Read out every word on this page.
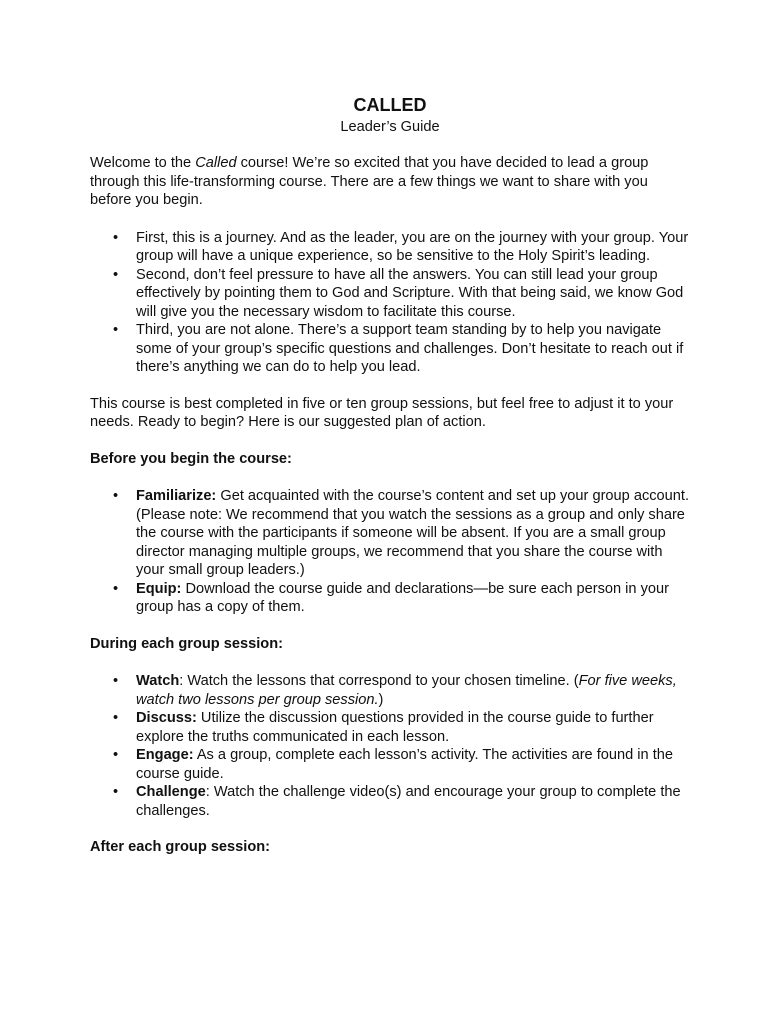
CALLED

Leader’s Guide

Welcome to the Called course! We’re so excited that you have decided to lead a group through this life-transforming course. There are a few things we want to share with you before you begin.

• First, this is a journey. And as the leader, you are on the journey with your group. Your group will have a unique experience, so be sensitive to the Holy Spirit’s leading.
• Second, don’t feel pressure to have all the answers. You can still lead your group effectively by pointing them to God and Scripture. With that being said, we know God will give you the necessary wisdom to facilitate this course.
• Third, you are not alone. There’s a support team standing by to help you navigate some of your group’s specific questions and challenges. Don’t hesitate to reach out if there’s anything we can do to help you lead.

This course is best completed in five or ten group sessions, but feel free to adjust it to your needs. Ready to begin? Here is our suggested plan of action.

Before you begin the course:

• Familiarize: Get acquainted with the course’s content and set up your group account. (Please note: We recommend that you watch the sessions as a group and only share the course with the participants if someone will be absent. If you are a small group director managing multiple groups, we recommend that you share the course with your small group leaders.)
• Equip: Download the course guide and declarations—be sure each person in your group has a copy of them.

During each group session:

• Watch: Watch the lessons that correspond to your chosen timeline. (For five weeks, watch two lessons per group session.)
• Discuss: Utilize the discussion questions provided in the course guide to further explore the truths communicated in each lesson.
• Engage: As a group, complete each lesson’s activity. The activities are found in the course guide.
• Challenge: Watch the challenge video(s) and encourage your group to complete the challenges.

After each group session:
